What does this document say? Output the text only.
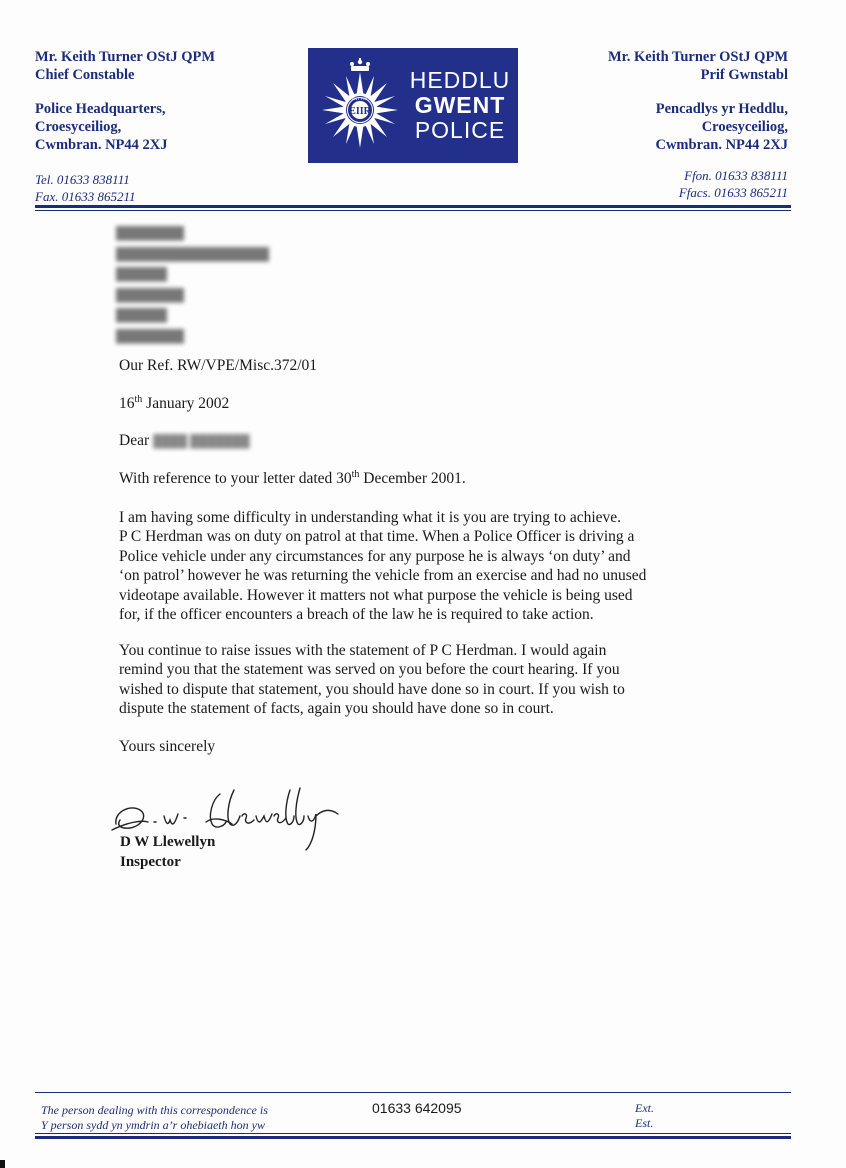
Mr. Keith Turner OStJ QPM
Chief Constable
Police Headquarters,
Croesyceiliog,
Cwmbran. NP44 2XJ
Tel. 01633 838111
Fax. 01633 865211
EIIR
GWENT POLICE
HEDDLU
GWENT
POLICE
Mr. Keith Turner OStJ QPM
Prif Gwnstabl
Pencadlys yr Heddlu,
Croesyceiliog,
Cwmbran. NP44 2XJ
Ffon. 01633 838111
Ffacs. 01633 865211
████████
██████████████████
██████
████████
██████
████████
Our Ref. RW/VPE/Misc.372/01
16th January 2002
Dear ████ ███████
With reference to your letter dated 30th December 2001.
I am having some difficulty in understanding what it is you are trying to achieve.
P C Herdman was on duty on patrol at that time. When a Police Officer is driving a
Police vehicle under any circumstances for any purpose he is always ‘on duty’ and
‘on patrol’ however he was returning the vehicle from an exercise and had no unused
videotape available. However it matters not what purpose the vehicle is being used
for, if the officer encounters a breach of the law he is required to take action.
You continue to raise issues with the statement of P C Herdman. I would again
remind you that the statement was served on you before the court hearing. If you
wished to dispute that statement, you should have done so in court. If you wish to
dispute the statement of facts, again you should have done so in court.
Yours sincerely
D W Llewellyn
Inspector
The person dealing with this correspondence is
Y person sydd yn ymdrin a’r ohebiaeth hon yw
01633 642095	Ext.
Est.
